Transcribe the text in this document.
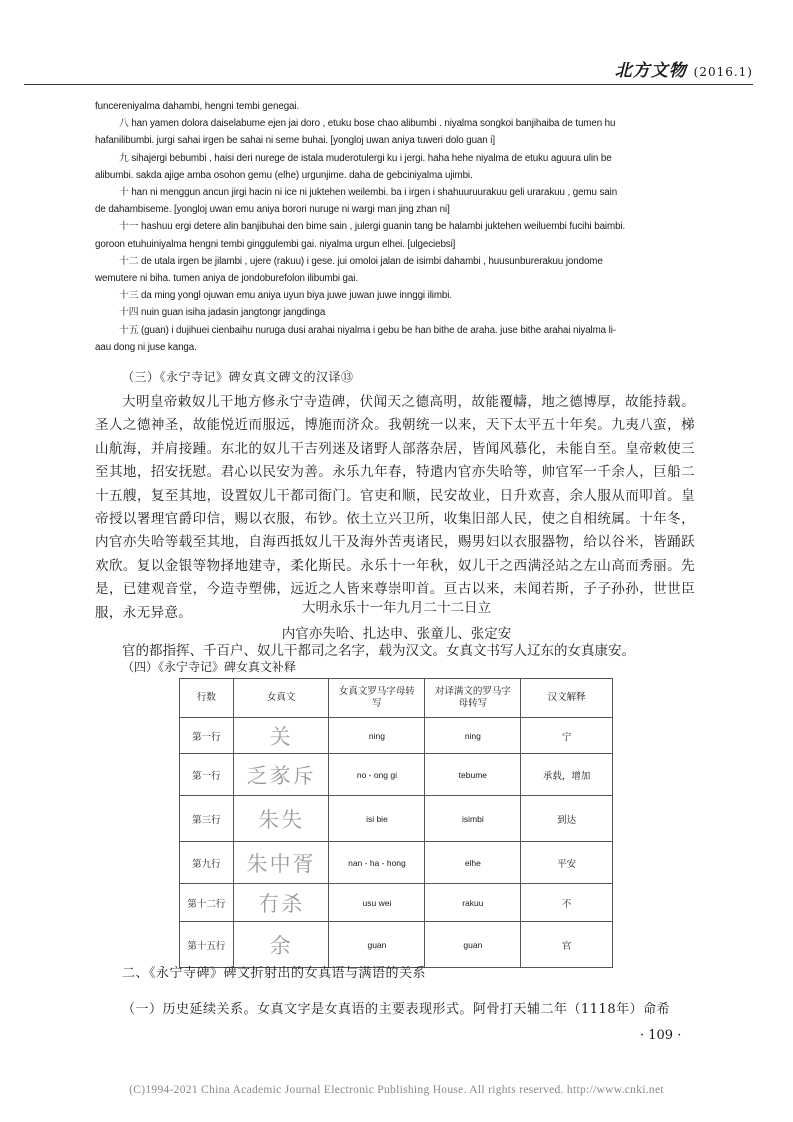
北方文物 (2016.1)

funcereniyalma dahambi, hengni tembi genegai.

八 han yamen dolora daiselabume ejen jai doro , etuku bose chao alibumbi . niyalma songkoi banjihaiba de tumen hu

hafanilibumbi. jurgi sahai irgen be sahai ni seme buhai. [yongloj uwan aniya tuweri dolo guan i]

九 sihajergi bebumbi , haisi deri nurege de istala muderotulergi ku i jergi. haha hehe niyalma de etuku aguura ulin be

alibumbi. sakda ajige amba osohon gemu (elhe) urgunjime. daha de gebciniyalma ujimbi.

十 han ni menggun ancun jirgi hacin ni ice ni juktehen weilembi. ba i irgen i shahuuruurakuu geli urarakuu , gemu sain

de dahambiseme. [yongloj uwan emu aniya borori nuruge ni wargi man jing zhan ni]

十一 hashuu ergi detere alin banjibuhai den bime sain , julergi guanin tang be halambi juktehen weiluembi fucihi baimbi.

goroon etuhuiniyalma hengni tembi ginggulembi gai. niyalma urgun elhei. [ulgeciebsi]

十二 de utala irgen be jilambi , ujere (rakuu) i gese. jui omoloi jalan de isimbi dahambi , huusunburerakuu jondome

wemutere ni biha. tumen aniya de jondoburefolon ilibumbi gai.

十三 da ming yongl ojuwan emu aniya uyun biya juwe juwan juwe innggi ilimbi.

十四 nuin guan isiha jadasin jangtongr jangdinga

十五 (guan) i dujihuei cienbaihu nuruga dusi arahai niyalma i gebu be han bithe de araha. juse bithe arahai niyalma li-

aau dong ni juse kanga.

（三）《永宁寺记》碑女真文碑文的汉译⑬

大明皇帝敕奴儿干地方修永宁寺造碑，伏闻天之德高明，故能覆幬，地之德博厚，故能持载。圣人之德神圣，故能悦近而服远，博施而济众。我朝统一以来，天下太平五十年矣。九夷八蛮，梯山航海，并肩接踵。东北的奴儿干吉列迷及诸野人部落杂居，皆闻风慕化，未能自至。皇帝敕使三至其地，招安抚慰。君心以民安为善。永乐九年春，特遣内官亦失哈等，帅官军一千余人，巨船二十五艘，复至其地，设置奴儿干都司衙门。官吏和顺，民安故业，日升欢喜，余人服从而叩首。皇帝授以署理官爵印信，赐以衣服，布钞。依土立兴卫所，收集旧部人民，使之自相统属。十年冬，内官亦失哈等载至其地，自海西抵奴儿干及海外苦夷诸民，赐男妇以衣服器物，给以谷米，皆踊跃欢欣。复以金银等物择地建寺，柔化斯民。永乐十一年秋，奴儿干之西满泾站之左山高而秀丽。先是，已建观音堂，今造寺塑佛，远近之人皆来尊崇叩首。亘古以来，未闻若斯，子子孙孙，世世臣服，永无异意。	大明永乐十一年九月二十二日立
内官亦失哈、扎达申、张童儿、张定安
官的都指挥、千百户、奴儿干都司之名字，载为汉文。女真文书写人辽东的女真康安。
（四）《永宁寺记》碑女真文补释
行数	女真文	女真文罗马字母转写	对译满文的罗马字母转写	汉文解释
第一行	关	ning	ning	宁
第一行	乏㒸斥	no - ong gi	tebume	承载，增加
第三行	朱失	isi bie	isimbi	到达
第九行	朱中胥	nan - ha - hong	elhe	平安
第十二行	冇杀	usu wei	rakuu	不
第十五行	余	guan	guan	官
二、《永宁寺碑》碑文折射出的女真语与满语的关系
（一）历史延续关系。女真文字是女真语的主要表现形式。阿骨打天辅二年（1118年）命希
· 109 ·
(C)1994-2021 China Academic Journal Electronic Publishing House. All rights reserved. http://www.cnki.net
